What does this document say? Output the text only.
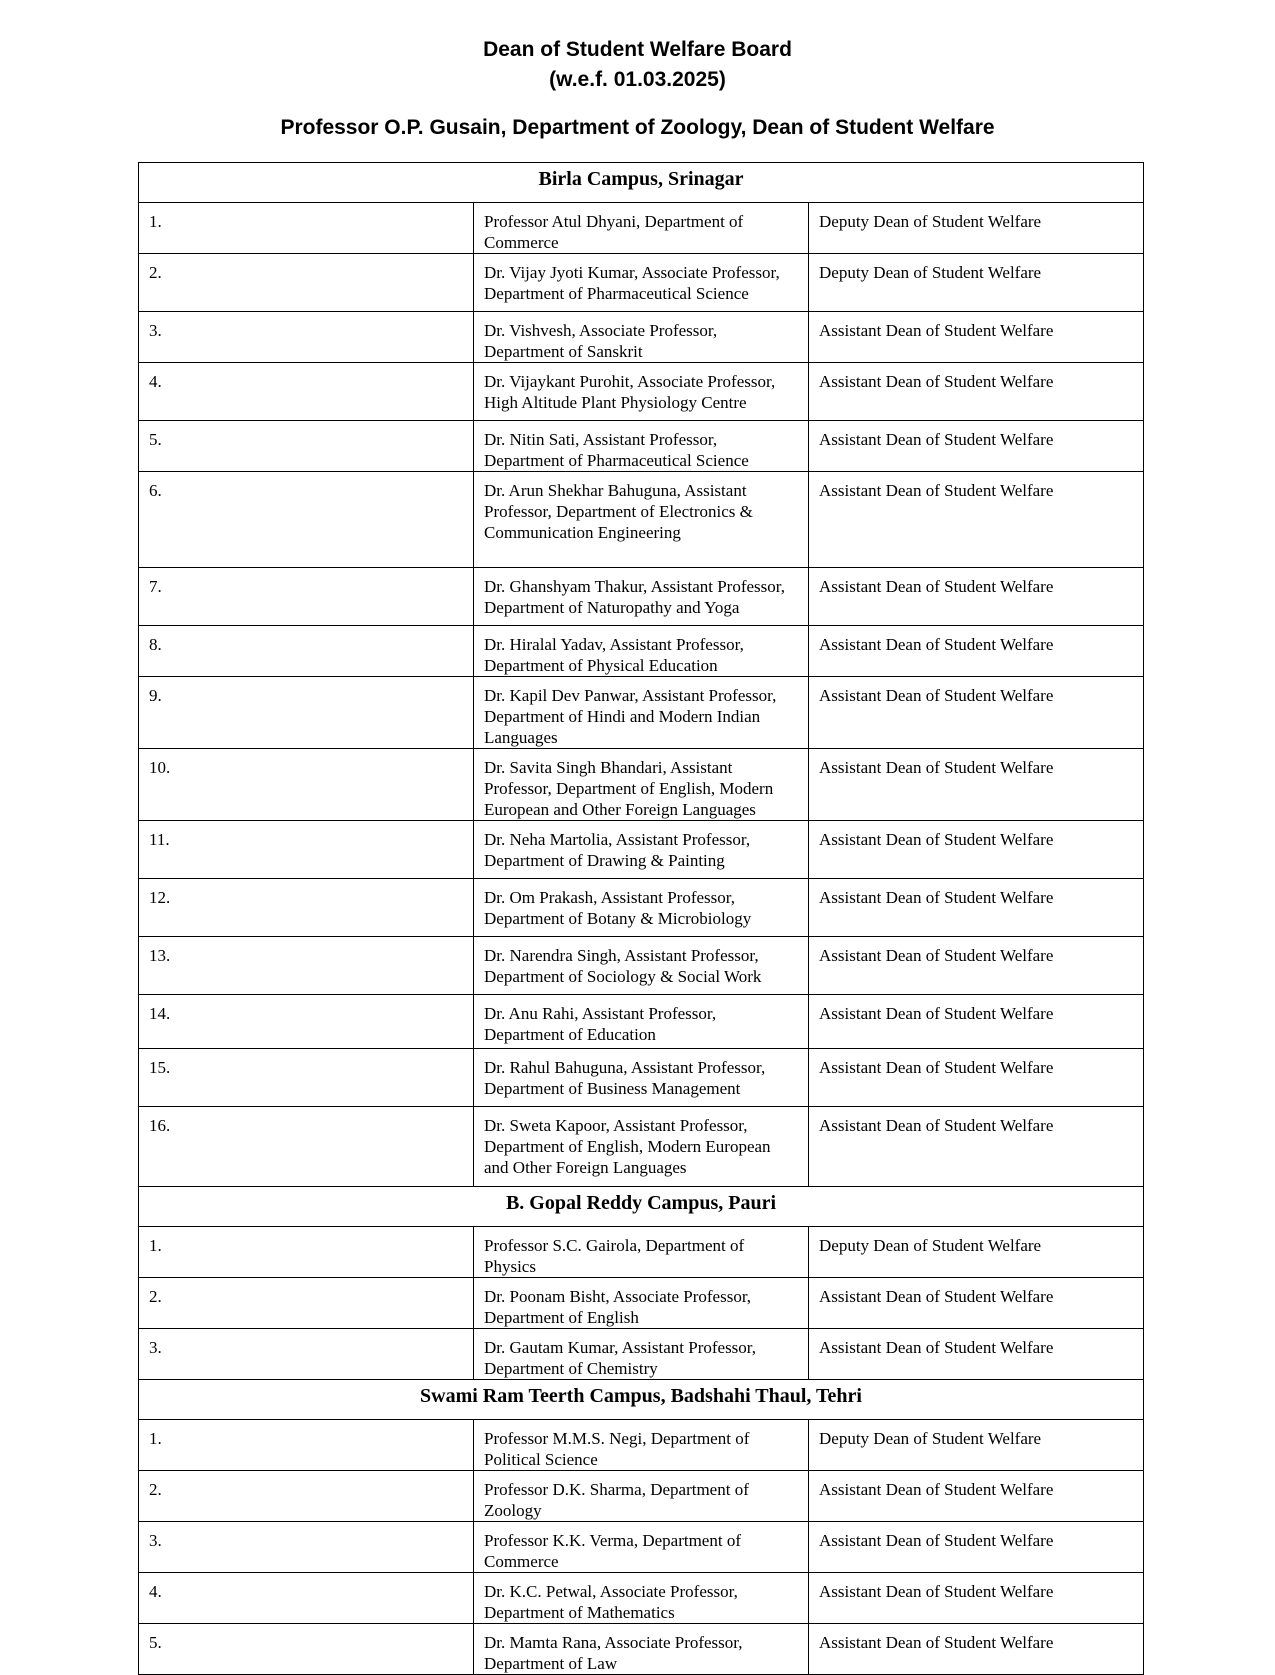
Dean of Student Welfare Board
(w.e.f. 01.03.2025)
Professor O.P. Gusain, Department of Zoology, Dean of Student Welfare
Birla Campus, Srinagar		
1.	Professor Atul Dhyani, Department of Commerce	Deputy Dean of Student Welfare
2.	Dr. Vijay Jyoti Kumar, Associate Professor, Department of Pharmaceutical Science	Deputy Dean of Student Welfare
3.	Dr. Vishvesh, Associate Professor, Department of Sanskrit	Assistant Dean of Student Welfare
4.	Dr. Vijaykant Purohit, Associate Professor, High Altitude Plant Physiology Centre	Assistant Dean of Student Welfare
5.	Dr. Nitin Sati, Assistant Professor, Department of Pharmaceutical Science	Assistant Dean of Student Welfare
6.	Dr. Arun Shekhar Bahuguna, Assistant Professor, Department of Electronics & Communication Engineering	Assistant Dean of Student Welfare
7.	Dr. Ghanshyam Thakur, Assistant Professor, Department of Naturopathy and Yoga	Assistant Dean of Student Welfare
8.	Dr. Hiralal Yadav, Assistant Professor, Department of Physical Education	Assistant Dean of Student Welfare
9.	Dr. Kapil Dev Panwar, Assistant Professor, Department of Hindi and Modern Indian Languages	Assistant Dean of Student Welfare
10.	Dr. Savita Singh Bhandari, Assistant Professor, Department of English, Modern European and Other Foreign Languages	Assistant Dean of Student Welfare
11.	Dr. Neha Martolia, Assistant Professor, Department of Drawing & Painting	Assistant Dean of Student Welfare
12.	Dr. Om Prakash, Assistant Professor, Department of Botany & Microbiology	Assistant Dean of Student Welfare
13.	Dr. Narendra Singh, Assistant Professor, Department of Sociology & Social Work	Assistant Dean of Student Welfare
14.	Dr. Anu Rahi, Assistant Professor, Department of Education	Assistant Dean of Student Welfare
15.	Dr. Rahul Bahuguna, Assistant Professor, Department of Business Management	Assistant Dean of Student Welfare
16.	Dr. Sweta Kapoor, Assistant Professor, Department of English, Modern European and Other Foreign Languages	Assistant Dean of Student Welfare
B. Gopal Reddy Campus, Pauri		
1.	Professor S.C. Gairola, Department of Physics	Deputy Dean of Student Welfare
2.	Dr. Poonam Bisht, Associate Professor, Department of English	Assistant Dean of Student Welfare
3.	Dr. Gautam Kumar, Assistant Professor, Department of Chemistry	Assistant Dean of Student Welfare
Swami Ram Teerth Campus, Badshahi Thaul, Tehri		
1.	Professor M.M.S. Negi, Department of Political Science	Deputy Dean of Student Welfare
2.	Professor D.K. Sharma, Department of Zoology	Assistant Dean of Student Welfare
3.	Professor K.K. Verma, Department of Commerce	Assistant Dean of Student Welfare
4.	Dr. K.C. Petwal, Associate Professor, Department of Mathematics	Assistant Dean of Student Welfare
5.	Dr. Mamta Rana, Associate Professor, Department of Law	Assistant Dean of Student Welfare
